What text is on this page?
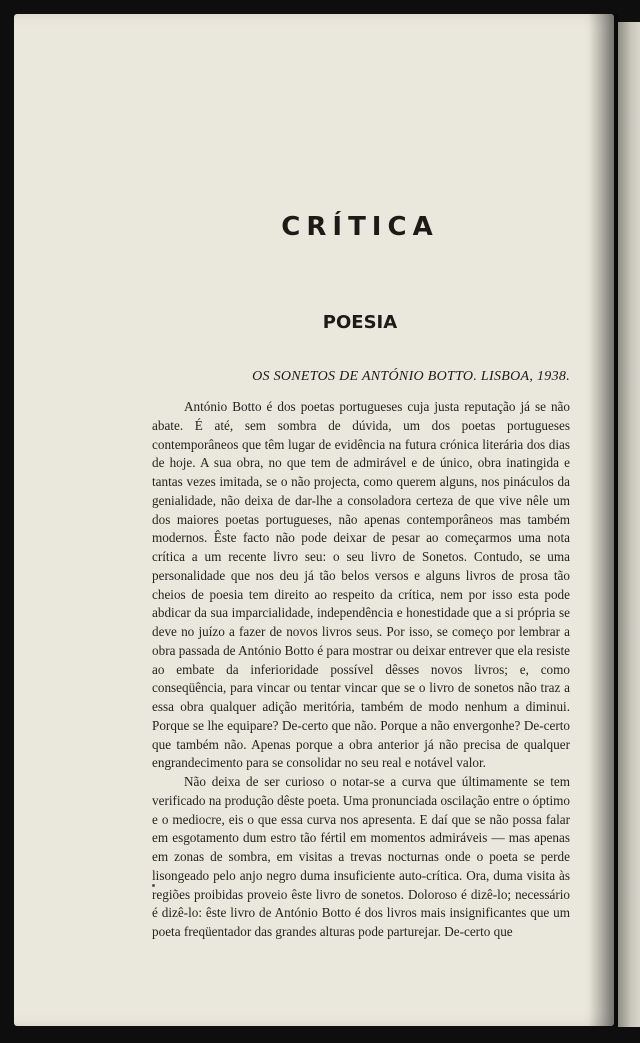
CRÍTICA
POESIA
OS SONETOS DE ANTÓNIO BOTTO. LISBOA, 1938.

António Botto é dos poetas portugueses cuja justa reputação já se não abate. É até, sem sombra de dúvida, um dos poetas portugueses contemporâneos que têm lugar de evidência na futura crónica literária dos dias de hoje. A sua obra, no que tem de admirável e de único, obra inatingida e tantas vezes imitada, se o não projecta, como querem alguns, nos pináculos da genialidade, não deixa de dar-lhe a consoladora certeza de que vive nêle um dos maiores poetas portugueses, não apenas contemporâneos mas também modernos. Êste facto não pode deixar de pesar ao começarmos uma nota crítica a um recente livro seu: o seu livro de Sonetos. Contudo, se uma personalidade que nos deu já tão belos versos e alguns livros de prosa tão cheios de poesia tem direito ao respeito da crítica, nem por isso esta pode abdicar da sua imparcialidade, independência e honestidade que a si própria se deve no juízo a fazer de novos livros seus. Por isso, se começo por lembrar a obra passada de António Botto é para mostrar ou deixar entrever que ela resiste ao embate da inferioridade possível dêsses novos livros; e, como conseqüência, para vincar ou tentar vincar que se o livro de sonetos não traz a essa obra qualquer adição meritória, também de modo nenhum a diminui. Porque se lhe equipare? De-certo que não. Porque a não envergonhe? De-certo que também não. Apenas porque a obra anterior já não precisa de qualquer engrandecimento para se consolidar no seu real e notável valor.

Não deixa de ser curioso o notar-se a curva que últimamente se tem verificado na produção dêste poeta. Uma pronunciada oscilação entre o óptimo e o mediocre, eis o que essa curva nos apresenta. E daí que se não possa falar em esgotamento dum estro tão fértil em momentos admiráveis — mas apenas em zonas de sombra, em visitas a trevas nocturnas onde o poeta se perde lisongeado pelo anjo negro duma insuficiente auto-crítica. Ora, duma visita às regiões proibidas proveio êste livro de sonetos. Doloroso é dizê-lo; necessário é dizê-lo: êste livro de António Botto é dos livros mais insignificantes que um poeta freqüentador das grandes alturas pode parturejar. De-certo que
